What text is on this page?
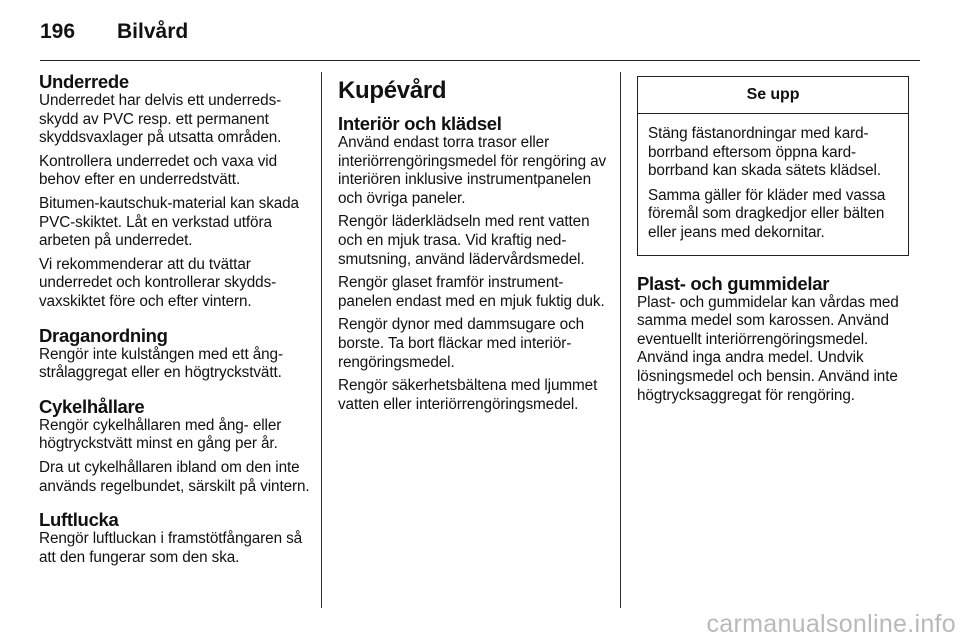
196 Bilvård
Underrede

Underredet har delvis ett underredsskydd av PVC resp. ett permanent skyddsvaxlager på utsatta områden.

Kontrollera underredet och vaxa vid behov efter en underredstvätt.

Bitumen-kautschuk-material kan skada PVC-skiktet. Låt en verkstad utföra arbeten på underredet.

Vi rekommenderar att du tvättar underredet och kontrollerar skyddsvaxskiktet före och efter vintern.

Draganordning

Rengör inte kulstången med ett ångstrålaggregat eller en högtryckstvätt.

Cykelhållare

Rengör cykelhållaren med ång- eller högtryckstvätt minst en gång per år.

Dra ut cykelhållaren ibland om den inte används regelbundet, särskilt på vintern.

Luftlucka

Rengör luftluckan i framstötfångaren så att den fungerar som den ska.

Kupévård
Interiör och klädsel

Använd endast torra trasor eller interiörrengöringsmedel för rengöring av interiören inklusive instrumentpanelen och övriga paneler.

Rengör läderklädseln med rent vatten och en mjuk trasa. Vid kraftig nedsmutsning, använd lädervårdsmedel.

Rengör glaset framför instrumentpanelen endast med en mjuk fuktig duk.

Rengör dynor med dammsugare och borste. Ta bort fläckar med interiörrengöringsmedel.

Rengör säkerhetsbältena med ljummet vatten eller interiörrengöringsmedel.

Se upp

Stäng fästanordningar med kardborrband eftersom öppna kardborrband kan skada sätets klädsel.

Samma gäller för kläder med vassa föremål som dragkedjor eller bälten eller jeans med dekornitar.

Plast- och gummidelar

Plast- och gummidelar kan vårdas med samma medel som karossen. Använd eventuellt interiörrengöringsmedel. Använd inga andra medel. Undvik lösningsmedel och bensin. Använd inte högtrycksaggregat för rengöring.

carmanualsonline.info
